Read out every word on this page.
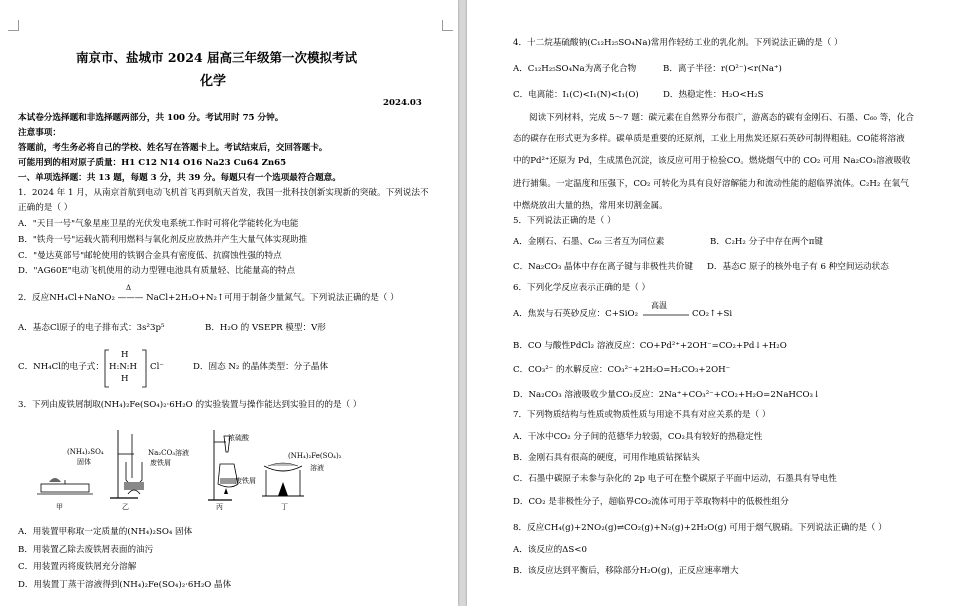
南京市、盐城市 2024 届高三年级第一次模拟考试
化学
2024.03
本试卷分选择题和非选择题两部分，共 100 分。考试用时 75 分钟。
注意事项：
答题前，考生务必将自己的学校、姓名写在答题卡上。考试结束后，交回答题卡。
可能用到的相对原子质量：H1 C12 N14 O16 Na23 Cu64 Zn65
一、单项选择题：共 13 题，每题 3 分，共 39 分。每题只有一个选项最符合题意。
1．2024 年 1 月，从南京首航到电动飞机首飞再到航天首发，我国一批科技创新实现新的突破。下列说法不
正确的是（ ）
A．"天目一号"气象星座卫星的光伏发电系统工作时可将化学能转化为电能
B．"铁舟一号"运载火箭利用燃料与氧化剂反应放热并产生大量气体实现助推
C．"曼达莫部号"邮轮使用的铁钢合金具有密度低、抗腐蚀性强的特点
D．"AG60E"电动飞机使用的动力型锂电池具有质量轻、比能量高的特点
Δ
2．反应NH₄Cl+NaNO₂ ——— NaCl+2H₂O+N₂↑可用于制备少量氮气。下列说法正确的是（ ）
A．基态Cl原子的电子排布式：3s²3p⁵	B．H₂O 的 VSEPR 模型：V形
C．NH₄Cl的电子式：
H
H:N:H
H
Cl⁻	D．固态 N₂ 的晶体类型：分子晶体
3．下列由废铁屑制取(NH₄)₂Fe(SO₄)₂·6H₂O 的实验装置与操作能达到实验目的的是（ ）
(NH₄)₂SO₄
固体
Na₂CO₃溶液
废铁屑
浓硫酸
废铁屑
(NH₄)₂Fe(SO₄)₂
溶液
甲	乙	丙	丁
A．用装置甲称取一定质量的(NH₄)₂SO₄ 固体
B．用装置乙除去废铁屑表面的油污
C．用装置丙将废铁屑充分溶解
D．用装置丁蒸干溶液得到(NH₄)₂Fe(SO₄)₂·6H₂O 晶体
4．十二烷基硫酸钠(C₁₂H₂₅SO₄Na)常用作轻纺工业的乳化剂。下列说法正确的是（ ）
A．C₁₂H₂₅SO₄Na为离子化合物	B．离子半径：r(O²⁻)<r(Na⁺)
C．电离能：I₁(C)<I₁(N)<I₁(O)	D．热稳定性：H₂O<H₂S
阅读下列材料，完成 5～7 题：碳元素在自然界分布很广，游离态的碳有金刚石、石墨、C₆₀ 等，化合
态的碳存在形式更为多样。碳单质是重要的还原剂，工业上用焦炭还原石英砂可制得粗硅。CO能将溶液
中的Pd²⁺还原为 Pd，生成黑色沉淀，该反应可用于检验CO。燃烧烟气中的 CO₂ 可用 Na₂CO₃溶液吸收
进行捕集。一定温度和压强下，CO₂ 可转化为具有良好溶解能力和流动性能的超临界流体。C₂H₂ 在氧气
中燃烧放出大量的热，常用来切割金属。
5．下列说法正确的是（ ）
A．金刚石、石墨、C₆₀ 三者互为同位素	B．C₂H₂ 分子中存在两个π键
C．Na₂CO₃ 晶体中存在离子键与非极性共价键 D．基态C 原子的核外电子有 6 种空间运动状态
6．下列化学反应表示正确的是（ ）
高温
A．焦炭与石英砂反应：C+SiO₂	CO₂↑+Si
B．CO 与酸性PdCl₂ 溶液反应：CO+Pd²⁺+2OH⁻=CO₂+Pd↓+H₂O
C．CO₃²⁻ 的水解反应：CO₃²⁻+2H₂O=H₂CO₃+2OH⁻
D．Na₂CO₃ 溶液吸收少量CO₂反应：2Na⁺+CO₃²⁻+CO₂+H₂O=2NaHCO₃↓
7．下列物质结构与性质或物质性质与用途不具有对应关系的是（ ）
A．干冰中CO₂ 分子间的范德华力较弱，CO₂具有较好的热稳定性
B．金刚石具有很高的硬度，可用作地质钻探钻头
C．石墨中碳原子未参与杂化的 2p 电子可在整个碳原子平面中运动，石墨具有导电性
D．CO₂ 是非极性分子，超临界CO₂流体可用于萃取物料中的低极性组分
8．反应CH₄(g)+2NO₂(g)⇌CO₂(g)+N₂(g)+2H₂O(g) 可用于烟气脱硝。下列说法正确的是（ ）
A．该反应的ΔS<0
B．该反应达到平衡后，移除部分H₂O(g)，正反应速率增大
